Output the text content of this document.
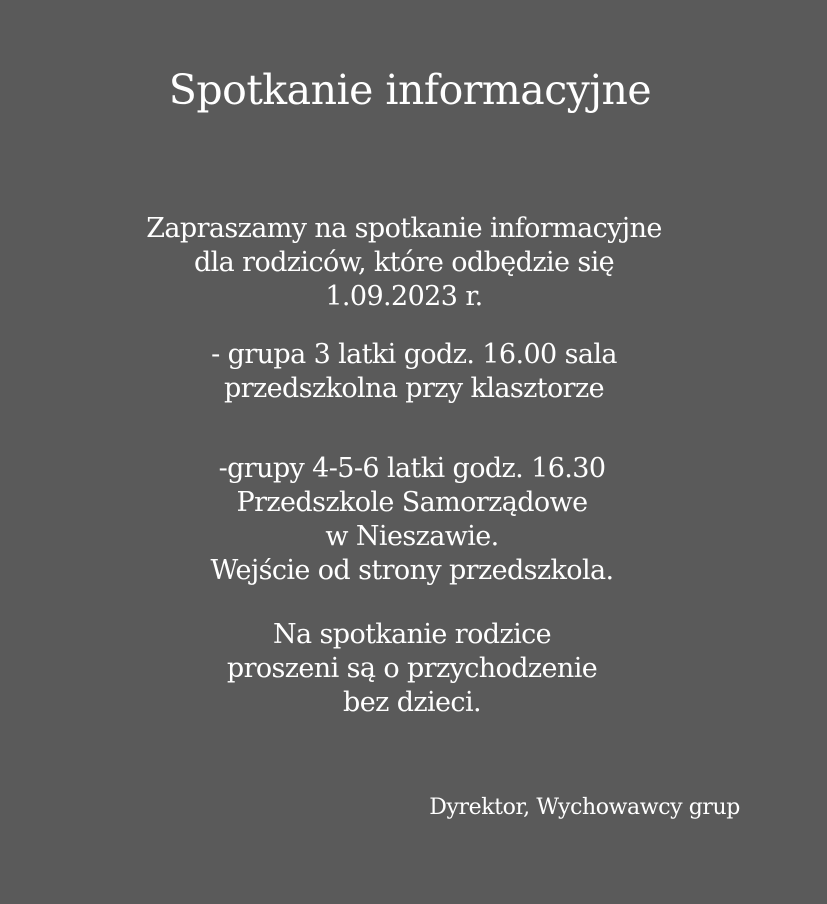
Spotkanie informacyjne
Zapraszamy na spotkanie informacyjne
dla rodziców, które odbędzie się
1.09.2023 r.
- grupa 3 latki godz. 16.00 sala
przedszkolna przy klasztorze
-grupy 4-5-6 latki godz. 16.30
Przedszkole Samorządowe
w Nieszawie.
Wejście od strony przedszkola.
Na spotkanie rodzice
proszeni są o przychodzenie
bez dzieci.
Dyrektor, Wychowawcy grup
